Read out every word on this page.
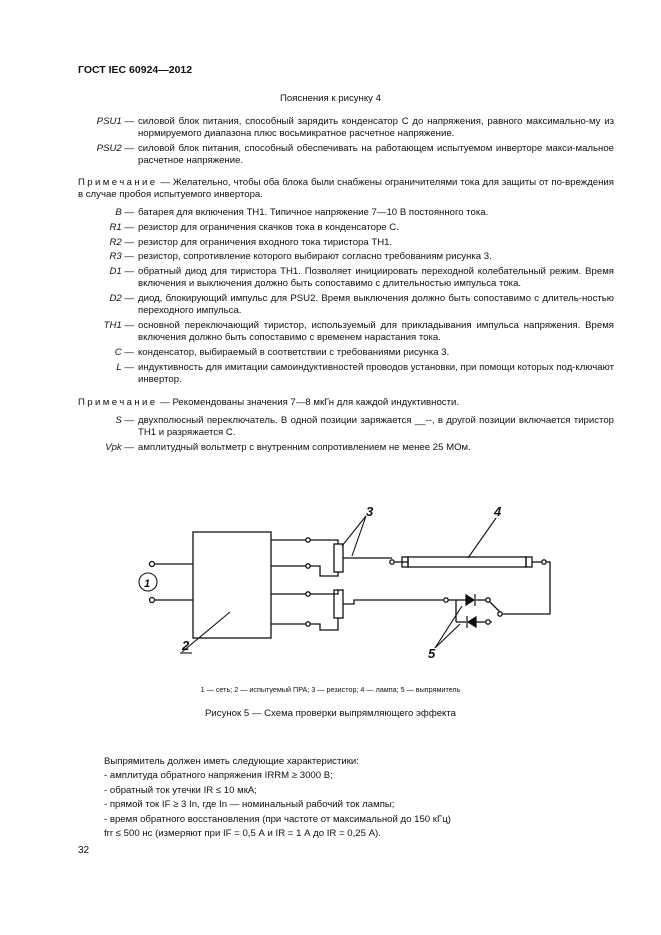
ГОСТ IEC 60924—2012
Пояснения к рисунку 4
PSU1 — силовой блок питания, способный зарядить конденсатор C до напряжения, равного максимально-му из нормируемого диапазона плюс восьмикратное расчетное напряжение.
PSU2 — силовой блок питания, способный обеспечивать на работающем испытуемом инверторе макси-мальное расчетное напряжение.
Примечание — Желательно, чтобы оба блока были снабжены ограничителями тока для защиты от по-вреждения в случае пробоя испытуемого инвертора.
B — батарея для включения TH1. Типичное напряжение 7—10 В постоянного тока.
R1 — резистор для ограничения скачков тока в конденсаторе C.
R2 — резистор для ограничения входного тока тиристора TH1.
R3 — резистор, сопротивление которого выбирают согласно требованиям рисунка 3.
D1 — обратный диод для тиристора TH1. Позволяет инициировать переходной колебательный режим. Время включения и выключения должно быть сопоставимо с длительностью импульса тока.
D2 — диод, блокирующий импульс для PSU2. Время выключения должно быть сопоставимо с длитель-ностью переходного импульса.
TH1 — основной переключающий тиристор, используемый для прикладывания импульса напряжения. Время включения должно быть сопоставимо с временем нарастания тока.
C — конденсатор, выбираемый в соответствии с требованиями рисунка 3.
L — индуктивность для имитации самоиндуктивностей проводов установки, при помощи которых под-ключают инвертор.
Примечание — Рекомендованы значения 7—8 мкГн для каждой индуктивности.
S — двухполюсный переключатель. В одной позиции заряжается __--, в другой позиции включается тиристор TH1 и разряжается C.
Vpk — амплитудный вольтметр с внутренним сопротивлением не менее 25 МОм.
1
2
3	4
5
1 — сеть; 2 — испытуемый ПРА; 3 — резистор; 4 — лампа; 5 — выпрямитель
Рисунок 5 — Схема проверки выпрямляющего эффекта
Выпрямитель должен иметь следующие характеристики:
- амплитуда обратного напряжения IRRM ≥ 3000 В;
- обратный ток утечки IR ≤ 10 мкА;
- прямой ток IF ≥ 3 In, где In — номинальный рабочий ток лампы;
- время обратного восстановления (при частоте от максимальной до 150 кГц)
frr ≤ 500 нс (измеряют при IF = 0,5 А и IR = 1 А до IR = 0,25 А).
32
